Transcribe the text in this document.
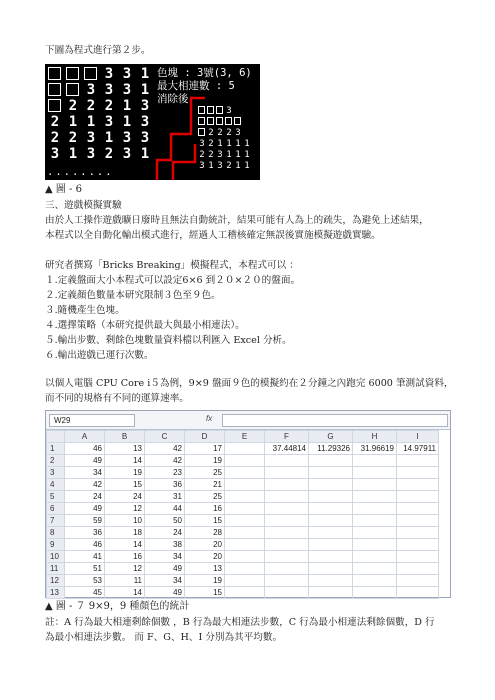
下圖為程式進行第２步。
3 3 1
3 3 3 1
2 2 2 1 3
2 1 1 3 1 3
2 2 3 1 3 3
3 1 3 2 3 1
3
2 2 2 3
3 2 1 1 1 1
2 2 3 1 1 1
3 1 3 2 1 1
色塊 : 3號(3, 6)
最大相連數 : 5
消除後
........
▲ 圖 - 6
三、遊戲模擬實驗
由於人工操作遊戲曠日廢時且無法自動統計，結果可能有人為上的疏失，為避免上述結果，
本程式以全自動化輸出模式進行，經過人工稽核確定無誤後實施模擬遊戲實驗。
研究者撰寫「Bricks Breaking」模擬程式，本程式可以 ：
１.定義盤面大小本程式可以設定6×6 到２０×２０的盤面。
２.定義顏色數量本研究限制３色至９色。
３.隨機產生色塊。
４.選擇策略（本研究提供最大與最小相連法）。
５.輸出步數、剩餘色塊數量資料檔以利匯入 Excel 分析。
６.輸出遊戲已運行次數。
以個人電腦 CPU Core i５為例，9×9 盤面９色的模擬約在２分鐘之內跑完 6000 筆測試資料，
而不同的規格有不同的運算速率。
W29	fx
	A	B	C	D	E	F	G	H	I
1	46	13	42	17		37.44814	11.29326	31.96619	14.97911
2	49	14	42	19					
3	34	19	23	25					
4	42	15	36	21					
5	24	24	31	25					
6	49	12	44	16					
7	59	10	50	15					
8	36	18	24	28					
9	46	14	38	20					
10	41	16	34	20					
11	51	12	49	13					
12	53	11	34	19					
13	45	14	49	15					
▲ 圖 - ７ 9×9，9 種顏色的統計
註：A 行為最大相連剩餘個數 ，B 行為最大相連法步數，C 行為最小相連法剩餘個數，D 行
為最小相連法步數。 而 F、G、H、I 分別為其平均數。
